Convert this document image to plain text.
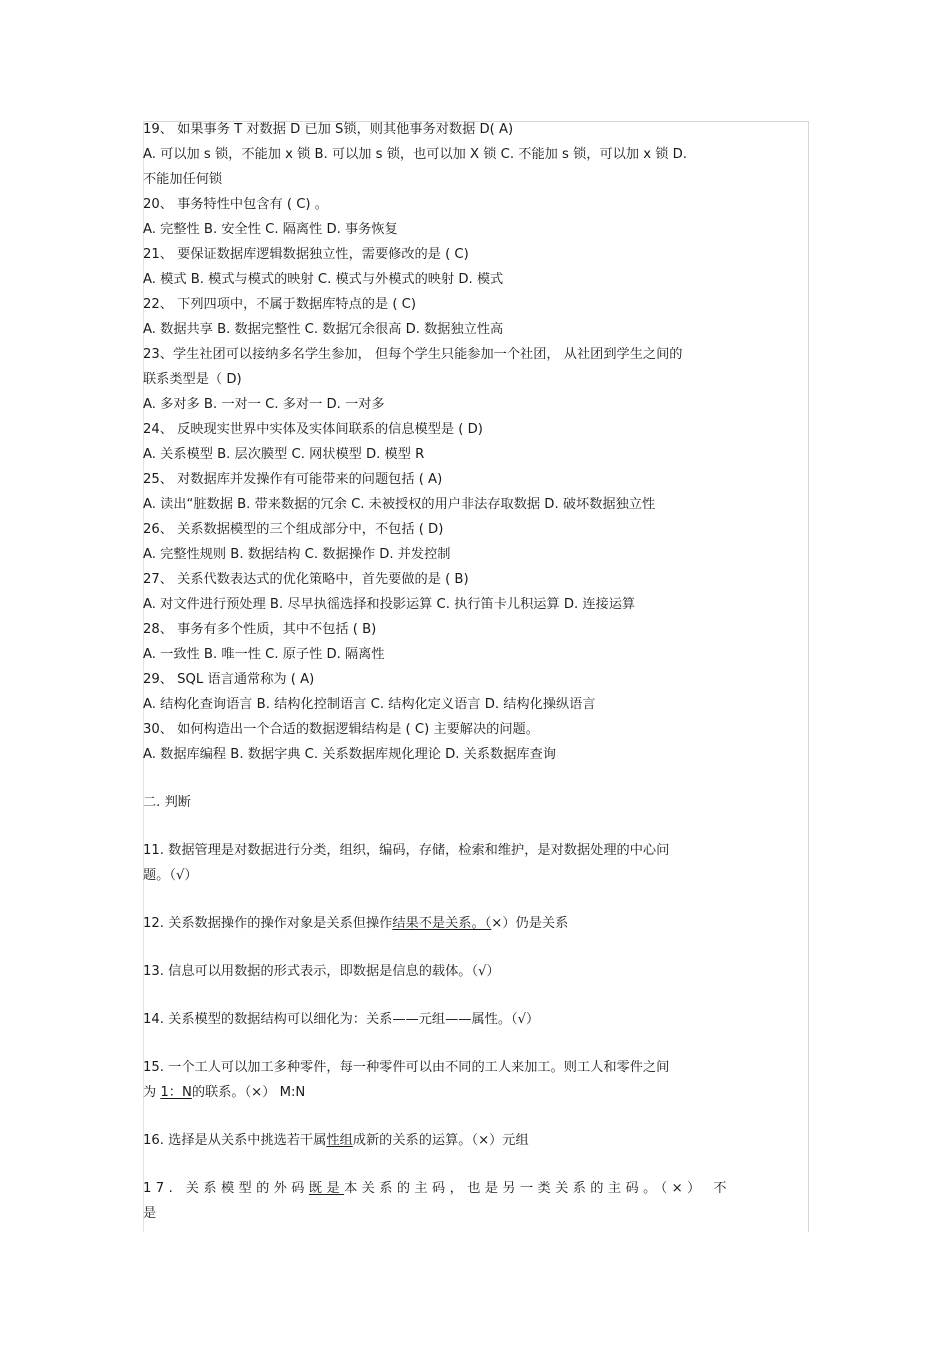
19、 如果事务 T 对数据 D 已加 S锁，则其他事务对数据 D( A)
A. 可以加 s 锁，不能加 x 锁 B. 可以加 s 锁，也可以加 X 锁 C. 不能加 s 锁，可以加 x 锁 D.
不能加任何锁
20、 事务特性中包含有 ( C) 。
A. 完整性 B. 安全性 C. 隔离性 D. 事务恢复
21、 要保证数据库逻辑数据独立性，需要修改的是 ( C)
A. 模式 B. 模式与模式的映射 C. 模式与外模式的映射 D. 模式
22、 下列四项中，不属于数据库特点的是 ( C)
A. 数据共享 B. 数据完整性 C. 数据冗余很高 D. 数据独立性高
23、学生社团可以接纳多名学生参加， 但每个学生只能参加一个社团， 从社团到学生之间的
联系类型是（ D)
A. 多对多 B. 一对一 C. 多对一 D. 一对多
24、 反映现实世界中实体及实体间联系的信息模型是 ( D)
A. 关系模型 B. 层次膜型 C. 网状模型 D. 模型 R
25、 对数据库并发操作有可能带来的问题包括 ( A)
A. 读出“脏数据 B. 带来数据的冗余 C. 未被授权的用户非法存取数据 D. 破坏数据独立性
26、 关系数据模型的三个组成部分中，不包括 ( D)
A. 完整性规则 B. 数据结构 C. 数据操作 D. 并发控制
27、 关系代数表达式的优化策略中，首先要做的是 ( B)
A. 对文件进行预处理 B. 尽早执徭选择和投影运算 C. 执行笛卡儿积运算 D. 连接运算
28、 事务有多个性质，其中不包括 ( B)
A. 一致性 B. 唯一性 C. 原子性 D. 隔离性
29、 SQL 语言通常称为 ( A)
A. 结构化查询语言 B. 结构化控制语言 C. 结构化定义语言 D. 结构化操纵语言
30、 如何构造出一个合适的数据逻辑结构是 ( C) 主要解决的问题。
A. 数据库编程 B. 数据字典 C. 关系数据库规化理论 D. 关系数据库查询
二. 判断
11. 数据管理是对数据进行分类，组织，编码，存储，检索和维护，是对数据处理的中心问
题。（√）
12. 关系数据操作的操作对象是关系但操作结果不是关系。（×）仍是关系
13. 信息可以用数据的形式表示，即数据是信息的载体。（√）
14. 关系模型的数据结构可以细化为：关系——元组——属性。（√）
15. 一个工人可以加工多种零件，每一种零件可以由不同的工人来加工。则工人和零件之间
为 1：N的联系。（×） M:N
16. 选择是从关系中挑选若干属性组成新的关系的运算。（×）元组
17. 关系模型的外码既是本关系的主码，也是另一类关系的主码。（×） 不
是
